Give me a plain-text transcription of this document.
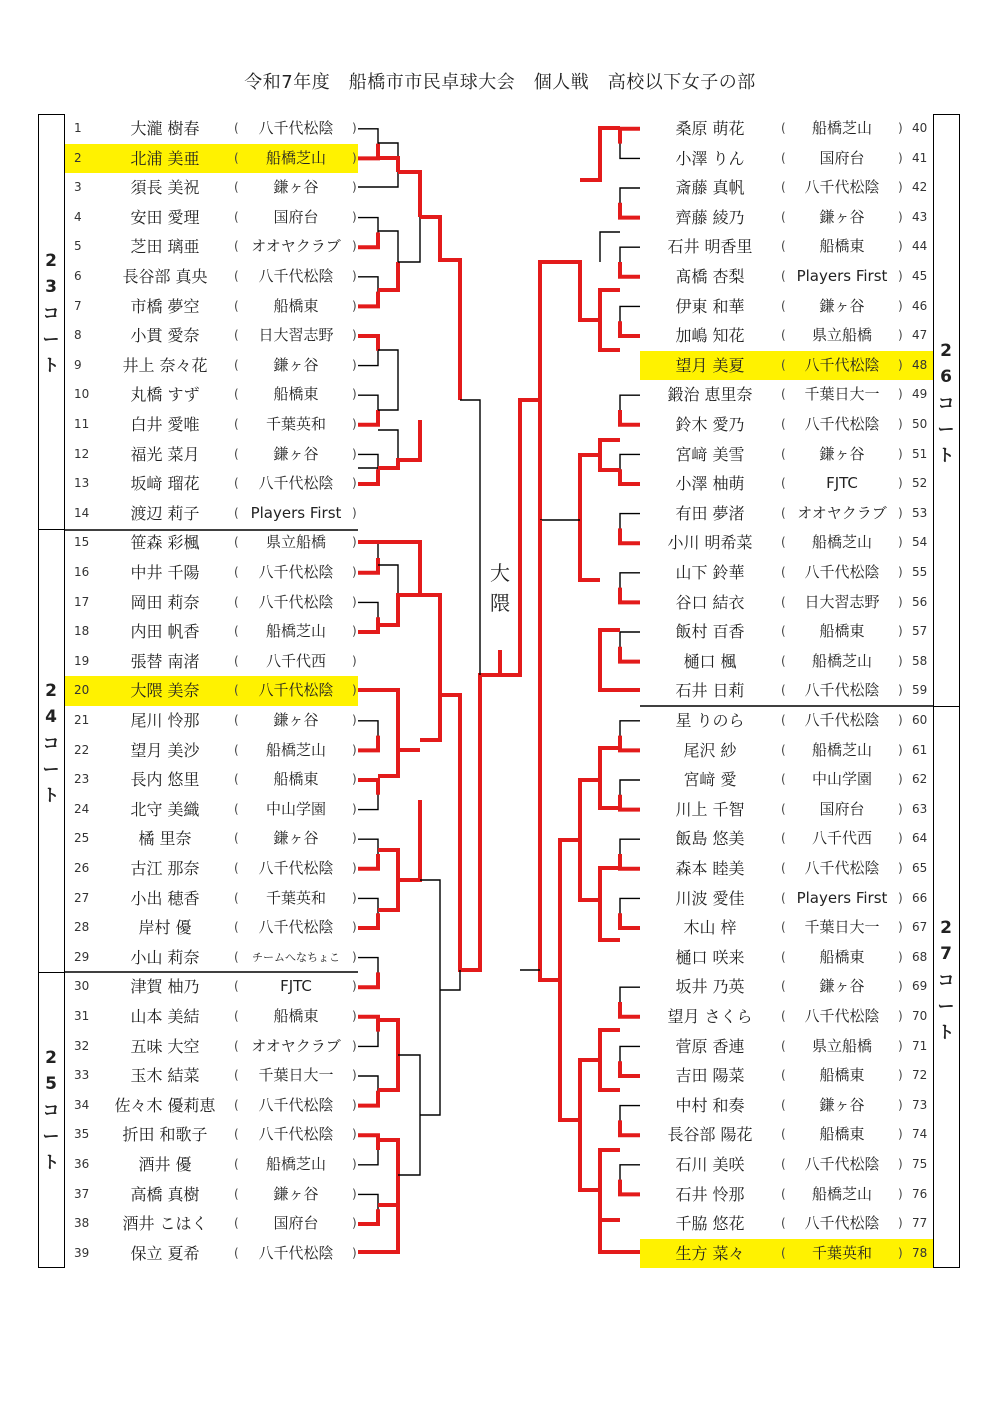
令和7年度　船橋市市民卓球大会　個人戦　高校以下女子の部
1	大瀧 樹春	(	八千代松陰	)
2	北浦 美亜	(	船橋芝山	)
3	須長 美祝	(	鎌ヶ谷	)
4	安田 愛理	(	国府台	)
5	芝田 璃亜	( オオヤクラブ )
6	長谷部 真央	(	八千代松陰	)
7	市橋 夢空	(	船橋東	)
8	小貫 愛奈	(	日大習志野	)
9	井上 奈々花	(	鎌ヶ谷	)
10	丸橋 すず	(	船橋東	)
11	白井 愛唯	(	千葉英和	)
12	福光 菜月	(	鎌ヶ谷	)
13	坂﨑 瑠花	(	八千代松陰	)
14	渡辺 莉子	( Players First )
15	笹森 彩楓	(	県立船橋	)
16	中井 千陽	(	八千代松陰	)
17	岡田 莉奈	(	八千代松陰	)
18	内田 帆香	(	船橋芝山	)
19	張替 南渚	(	八千代西	)
20	大隈 美奈	(	八千代松陰	)
21	尾川 怜那	(	鎌ヶ谷	)
22	望月 美沙	(	船橋芝山	)
23	長内 悠里	(	船橋東	)
24	北守 美織	(	中山学園	)
25	橘 里奈	(	鎌ヶ谷	)
26	古江 那奈	(	八千代松陰	)
27	小出 穂香	(	千葉英和	)
28	岸村 優	(	八千代松陰	)
29	小山 莉奈	(	チームへなちょこ	)
30	津賀 柚乃	(	FJTC	)
31	山本 美結	(	船橋東	)
32	五味 大空	( オオヤクラブ )
33	玉木 結菜	(	千葉日大一	)
34	佐々木 優莉恵	(	八千代松陰	)
35	折田 和歌子	(	八千代松陰	)
36	酒井 優	(	船橋芝山	)
37	高橋 真樹	(	鎌ヶ谷	)
38	酒井 こはく	(	国府台	)
39	保立 夏希	(	八千代松陰	)
桑原 萌花	(	船橋芝山	) 40
小澤 りん	(	国府台	) 41
斎藤 真帆	(	八千代松陰	) 42
齊藤 綾乃	(	鎌ヶ谷	) 43
石井 明香里	(	船橋東	) 44
髙橋 杏梨	( Players First ) 45
伊東 和華	(	鎌ヶ谷	) 46
加嶋 知花	(	県立船橋	) 47
望月 美夏	(	八千代松陰	) 48
鍛治 恵里奈	(	千葉日大一	) 49
鈴木 愛乃	(	八千代松陰	) 50
宮﨑 美雪	(	鎌ヶ谷	) 51
小澤 柚萌	(	FJTC	) 52
有田 夢渚	( オオヤクラブ ) 53
小川 明希菜	(	船橋芝山	) 54
山下 鈴華	(	八千代松陰	) 55
谷口 結衣	(	日大習志野	) 56
飯村 百香	(	船橋東	) 57
樋口 楓	(	船橋芝山	) 58
石井 日莉	(	八千代松陰	) 59
星 りのら	(	八千代松陰	) 60
尾沢 紗	(	船橋芝山	) 61
宮﨑 愛	(	中山学園	) 62
川上 千智	(	国府台	) 63
飯島 悠美	(	八千代西	) 64
森本 睦美	(	八千代松陰	) 65
川波 愛佳	( Players First ) 66
木山 梓	(	千葉日大一	) 67
樋口 咲来	(	船橋東	) 68
坂井 乃英	(	鎌ヶ谷	) 69
望月 さくら	(	八千代松陰	) 70
菅原 香連	(	県立船橋	) 71
吉田 陽菜	(	船橋東	) 72
中村 和奏	(	鎌ヶ谷	) 73
長谷部 陽花	(	船橋東	) 74
石川 美咲	(	八千代松陰	) 75
石井 怜那	(	船橋芝山	) 76
千脇 悠花	(	八千代松陰	) 77
生方 菜々	(	千葉英和	) 78
2
3
コ
ー
ト
2
4
コ
ー
ト
2
5
コ
ー
ト
2
6
コ
ー
ト
2
7
コ
ー
ト
大
隈
